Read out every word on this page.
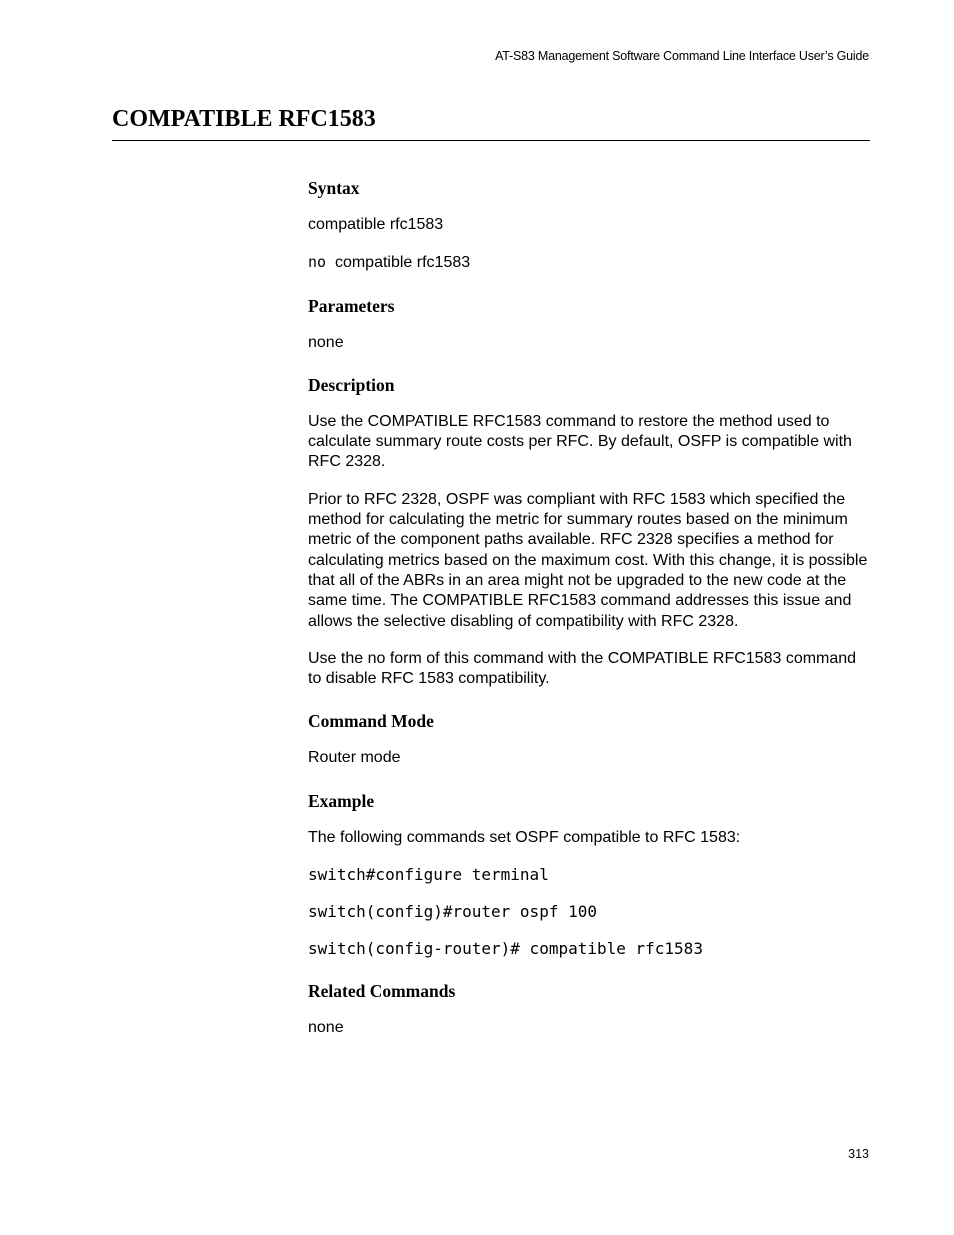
AT-S83 Management Software Command Line Interface User’s Guide
COMPATIBLE RFC1583
Syntax
compatible rfc1583
no compatible rfc1583
Parameters
none
Description
Use the COMPATIBLE RFC1583 command to restore the method used to calculate summary route costs per RFC. By default, OSFP is compatible with RFC 2328.
Prior to RFC 2328, OSPF was compliant with RFC 1583 which specified the method for calculating the metric for summary routes based on the minimum metric of the component paths available. RFC 2328 specifies a method for calculating metrics based on the maximum cost. With this change, it is possible that all of the ABRs in an area might not be upgraded to the new code at the same time. The COMPATIBLE RFC1583 command addresses this issue and allows the selective disabling of compatibility with RFC 2328.
Use the no form of this command with the COMPATIBLE RFC1583 command to disable RFC 1583 compatibility.
Command Mode
Router mode
Example
The following commands set OSPF compatible to RFC 1583:
switch#configure terminal
switch(config)#router ospf 100
switch(config-router)# compatible rfc1583
Related Commands
none
313
